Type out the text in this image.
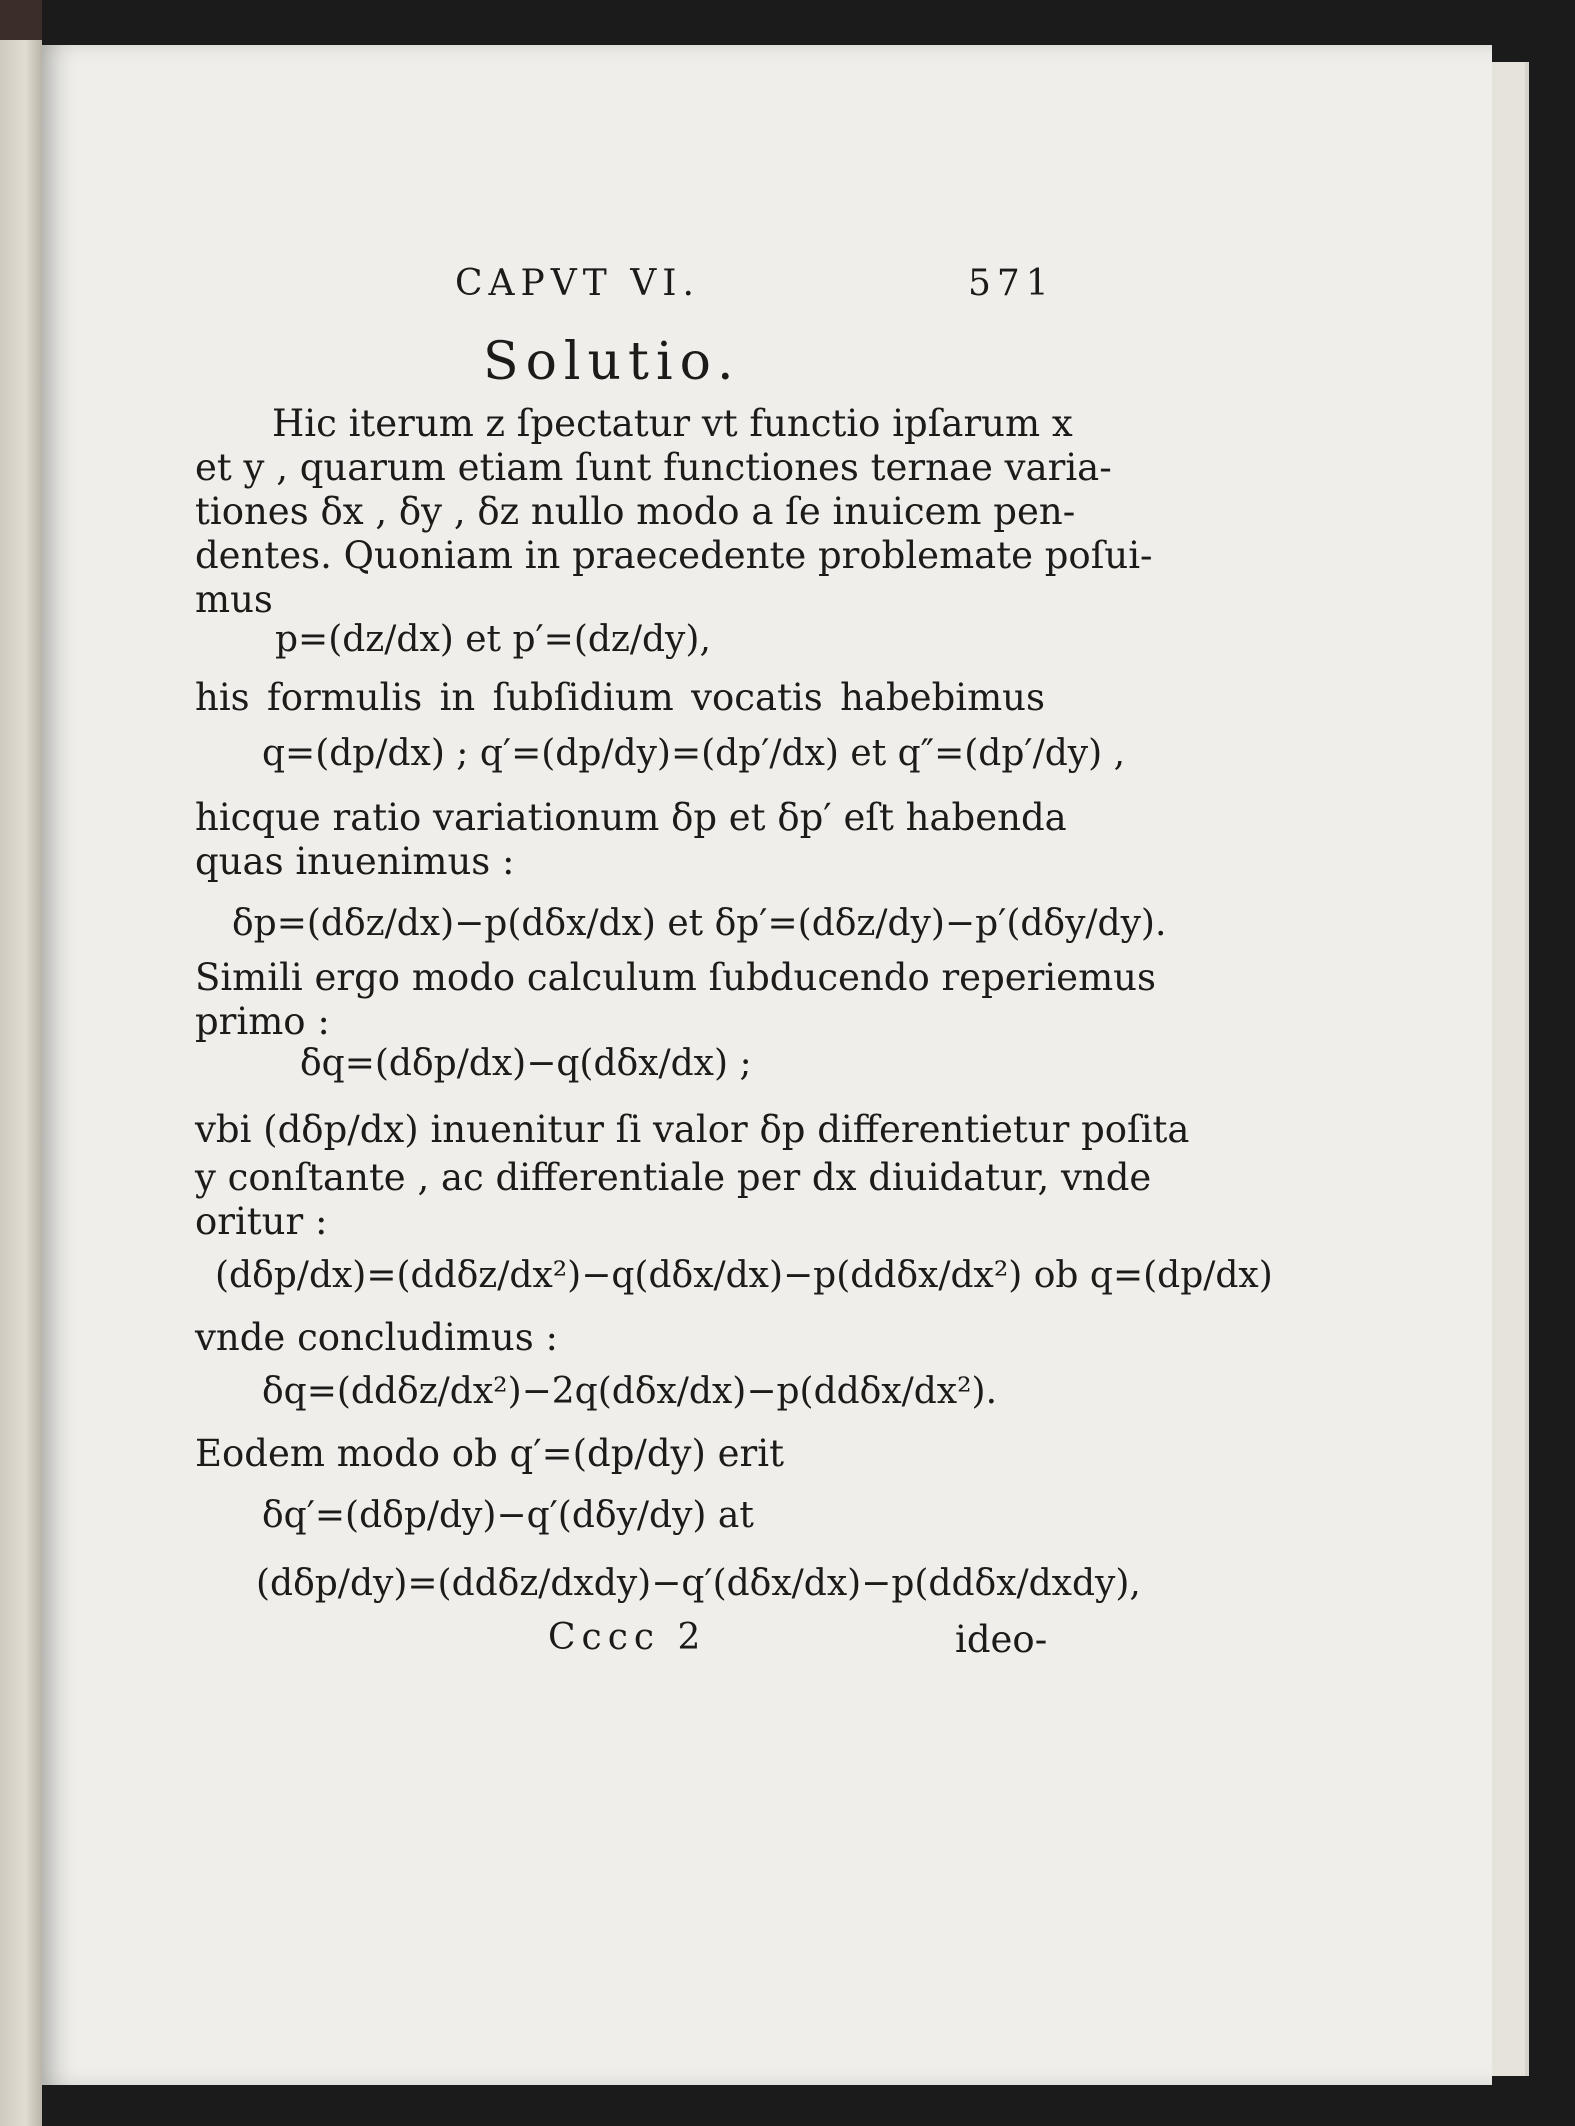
CAPVT VI.	571
Solutio.
Hic iterum z ſpectatur vt functio ipſarum x
et y , quarum etiam ſunt functiones ternae varia-
tiones δx , δy , δz nullo modo a ſe inuicem pen-
dentes. Quoniam in praecedente problemate poſui-
mus
p=(dz/dx) et p′=(dz/dy),
his formulis in ſubſidium vocatis habebimus
q=(dp/dx) ; q′=(dp/dy)=(dp′/dx) et q″=(dp′/dy) ,
hicque ratio variationum δp et δp′ eſt habenda
quas inuenimus :
δp=(dδz/dx)−p(dδx/dx) et δp′=(dδz/dy)−p′(dδy/dy).
Simili ergo modo calculum ſubducendo reperiemus
primo :
δq=(dδp/dx)−q(dδx/dx) ;
vbi (dδp/dx) inuenitur ſi valor δp differentietur poſita
y conſtante , ac differentiale per dx diuidatur, vnde
oritur :
(dδp/dx)=(ddδz/dx²)−q(dδx/dx)−p(ddδx/dx²) ob q=(dp/dx)
vnde concludimus :
δq=(ddδz/dx²)−2q(dδx/dx)−p(ddδx/dx²).
Eodem modo ob q′=(dp/dy) erit
δq′=(dδp/dy)−q′(dδy/dy) at
(dδp/dy)=(ddδz/dxdy)−q′(dδx/dx)−p(ddδx/dxdy),
Cccc 2	ideo-
